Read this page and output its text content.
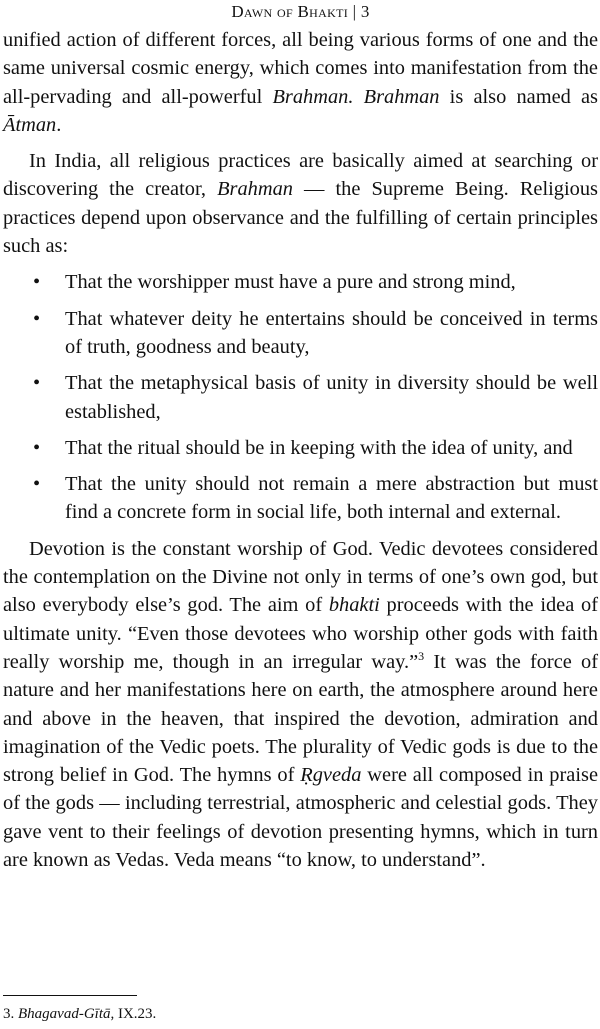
Dawn of Bhakti | 3

unified action of different forces, all being various forms of one and the same universal cosmic energy, which comes into manifestation from the all-pervading and all-powerful Brahman. Brahman is also named as Ātman.

In India, all religious practices are basically aimed at searching or discovering the creator, Brahman — the Supreme Being. Religious practices depend upon observance and the fulfilling of certain principles such as:

• That the worshipper must have a pure and strong mind,
• That whatever deity he entertains should be conceived in terms of truth, goodness and beauty,
• That the metaphysical basis of unity in diversity should be well established,
• That the ritual should be in keeping with the idea of unity, and
• That the unity should not remain a mere abstraction but must find a concrete form in social life, both internal and external.

Devotion is the constant worship of God. Vedic devotees considered the contemplation on the Divine not only in terms of one’s own god, but also everybody else’s god. The aim of bhakti proceeds with the idea of ultimate unity. “Even those devotees who worship other gods with faith really worship me, though in an irregular way.”$^3$ It was the force of nature and her manifestations here on earth, the atmosphere around here and above in the heaven, that inspired the devotion, admiration and imagination of the Vedic poets. The plurality of Vedic gods is due to the strong belief in God. The hymns of Ṛgveda were all composed in praise of the gods — including terrestrial, atmospheric and celestial gods. They gave vent to their feelings of devotion presenting hymns, which in turn are known as Vedas. Veda means “to know, to understand”.

3. Bhagavad-Gītā, IX.23.
